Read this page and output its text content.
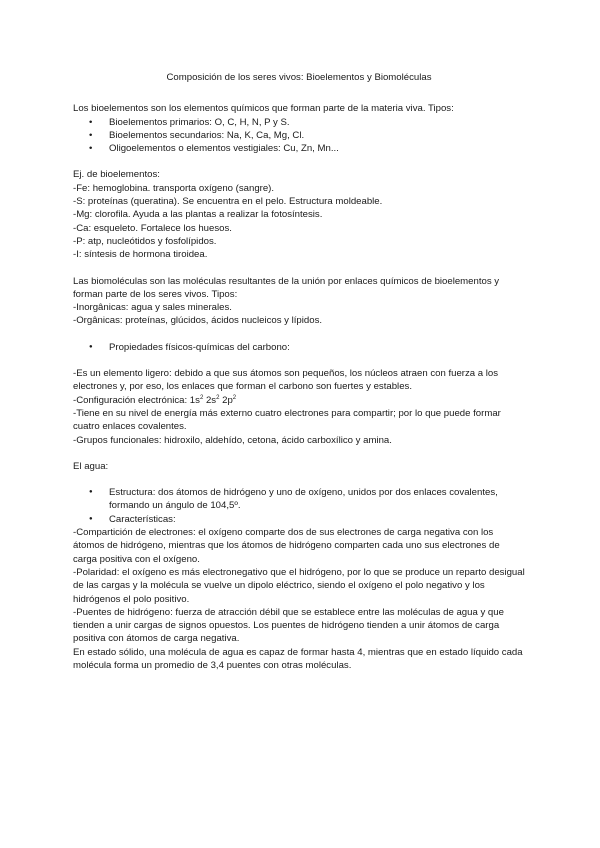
Composición de los seres vivos: Bioelementos y Biomoléculas

Los bioelementos son los elementos químicos que forman parte de la materia viva. Tipos:

• Bioelementos primarios: O, C, H, N, P y S.
• Bioelementos secundarios: Na, K, Ca, Mg, Cl.
• Oligoelementos o elementos vestigiales: Cu, Zn, Mn...

Ej. de bioelementos:

-Fe: hemoglobina. transporta oxígeno (sangre).

-S: proteínas (queratina). Se encuentra en el pelo. Estructura moldeable.

-Mg: clorofila. Ayuda a las plantas a realizar la fotosíntesis.

-Ca: esqueleto. Fortalece los huesos.

-P: atp, nucleótidos y fosfolípidos.

-I: síntesis de hormona tiroidea.

Las biomoléculas son las moléculas resultantes de la unión por enlaces químicos de bioelementos y forman parte de los seres vivos. Tipos:

-Inorgânicas: agua y sales minerales.

-Orgânicas: proteínas, glúcidos, ácidos nucleicos y lípidos.

● Propiedades físicos-químicas del carbono:

-Es un elemento ligero: debido a que sus átomos son pequeños, los núcleos atraen con fuerza a los electrones y, por eso, los enlaces que forman el carbono son fuertes y estables.

-Configuración electrónica: $1s^2$ $2s^2$ $2p^2$

-Tiene en su nivel de energía más externo cuatro electrones para compartir; por lo que puede formar cuatro enlaces covalentes.

-Grupos funcionales: hidroxilo, aldehído, cetona, ácido carboxílico y amina.

El agua:

● Estructura: dos átomos de hidrógeno y uno de oxígeno, unidos por dos enlaces covalentes, formando un ángulo de 104,5º.
● Características:

-Compartición de electrones: el oxígeno comparte dos de sus electrones de carga negativa con los átomos de hidrógeno, mientras que los átomos de hidrógeno comparten cada uno sus electrones de carga positiva con el oxígeno.

-Polaridad: el oxígeno es más electronegativo que el hidrógeno, por lo que se produce un reparto desigual de las cargas y la molécula se vuelve un dipolo eléctrico, siendo el oxígeno el polo negativo y los hidrógenos el polo positivo.

-Puentes de hidrógeno: fuerza de atracción débil que se establece entre las moléculas de agua y que tienden a unir cargas de signos opuestos. Los puentes de hidrógeno tienden a unir átomos de carga positiva con átomos de carga negativa.

En estado sólido, una molécula de agua es capaz de formar hasta 4, mientras que en estado líquido cada molécula forma un promedio de 3,4 puentes con otras moléculas.
